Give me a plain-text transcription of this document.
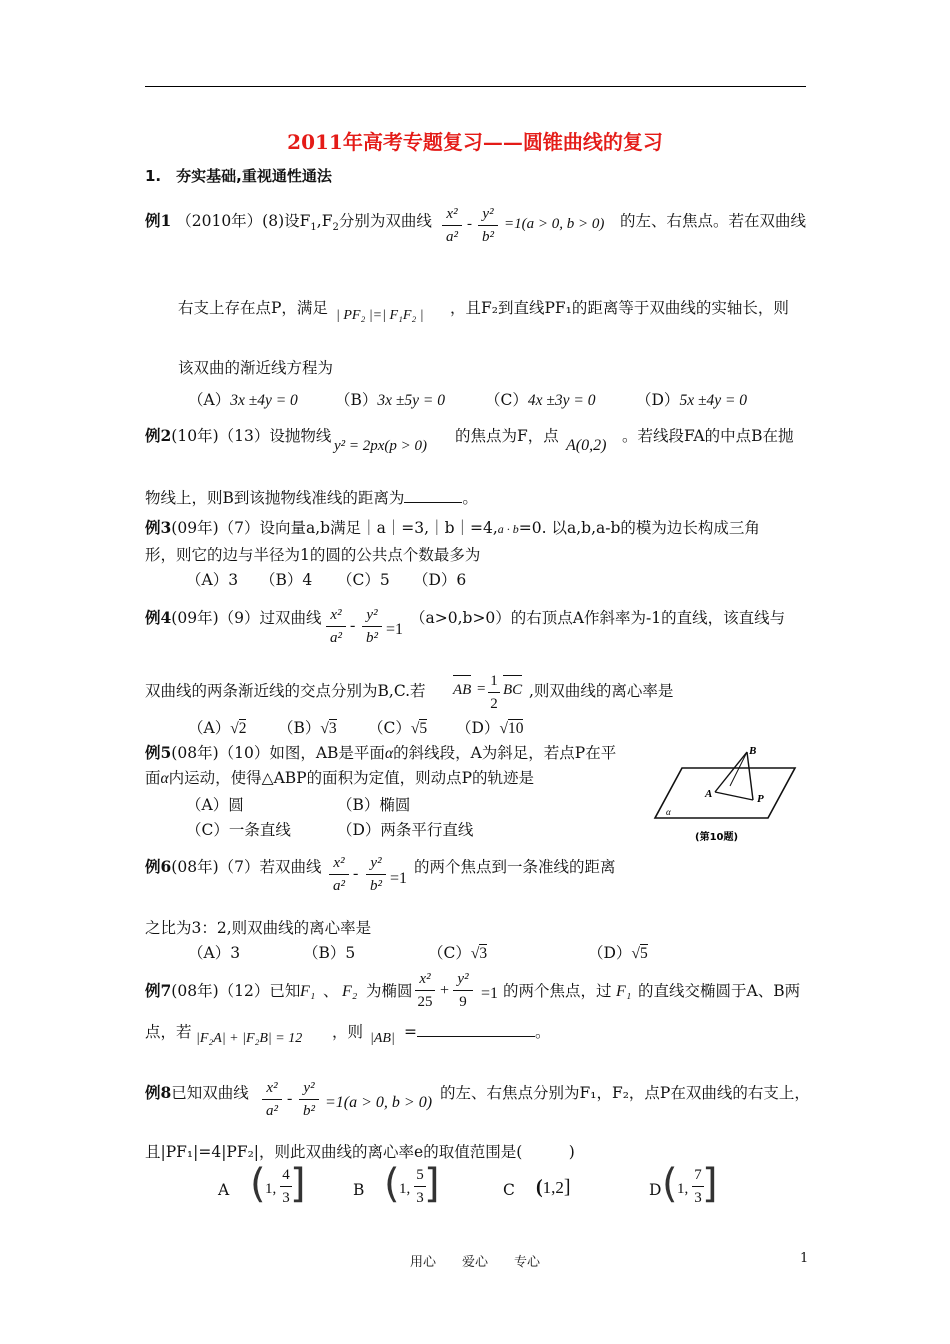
2011年高考专题复习——圆锥曲线的复习
1.　夯实基础,重视通性通法
例1 （2010年）(8)设$F_1,F_2$分别为双曲线 x²
a²
-
y²
b²
=1(a > 0, b > 0) 的左、右焦点。若在双曲线
右支上存在点P，满足 | PF₂ |=| F₁F₂ | ，且F₂到直线PF₁的距离等于双曲线的实轴长，则
该双曲的渐近线方程为
（A）3x ±4y = 0 （B）3x ±5y = 0	（C）4x ±3y = 0	（D）5x ±4y = 0
例2(10年)（13）设抛物线
y² = 2px(p > 0)
的焦点为F，点
A(0,2)
。若线段FA的中点B在抛
物线上，则B到该抛物线准线的距离为	。
例3(09年)（7）设向量a,b满足｜a｜=3,｜b｜=4,a · b=0. 以a,b,a-b的模为边长构成三角
形，则它的边与半径为1的圆的公共点个数最多为
（A）3 （B）4 （C）5 （D）6
例4(09年)（9）过双曲线 x²
a²
-
y²
b² =1
（a>0,b>0）的右顶点A作斜率为-1的直线，该直线与
双曲线的两条渐近线的交点分别为B,C.若 AB = 1
2
BC ,则双曲线的离心率是
（A）√2 （B）√3 （C）√5 （D）√10
例5(08年)（10）如图，AB是平面α的斜线段，A为斜足，若点P在平
面α内运动，使得△ABP的面积为定值，则动点P的轨迹是
（A）圆	（B）椭圆
（C）一条直线	（D）两条平行直线
B
A	P
α
(第10题)
例6(08年)（7）若双曲线 x²
a²
-
y²
b² =1
的两个焦点到一条准线的距离
之比为3：2,则双曲线的离心率是
（A）3	（B）5	（C）√3	（D）√5
例7(08年)（12）已知 F₁ 、 F₂ 为椭圆
x²
25
+
y²
9 =1 的两个焦点，过 F₁ 的直线交椭圆于A、B两
点，若 |F₂A| + |F₂B| = 12 ，则 |AB| =	。
例8已知双曲线 x²
a²
-
y²
b² =1(a > 0, b > 0)
的左、右焦点分别为F₁，F₂，点P在双曲线的右支上，
且|PF₁|=4|PF₂|，则此双曲线的离心率e的取值范围是(　　　)
A ( 1,
4
3 ]	B ( 1,
5
3 ]	C (1,2]	D ( 1,
7
3 ]
用心　　爱心　　专心	1
